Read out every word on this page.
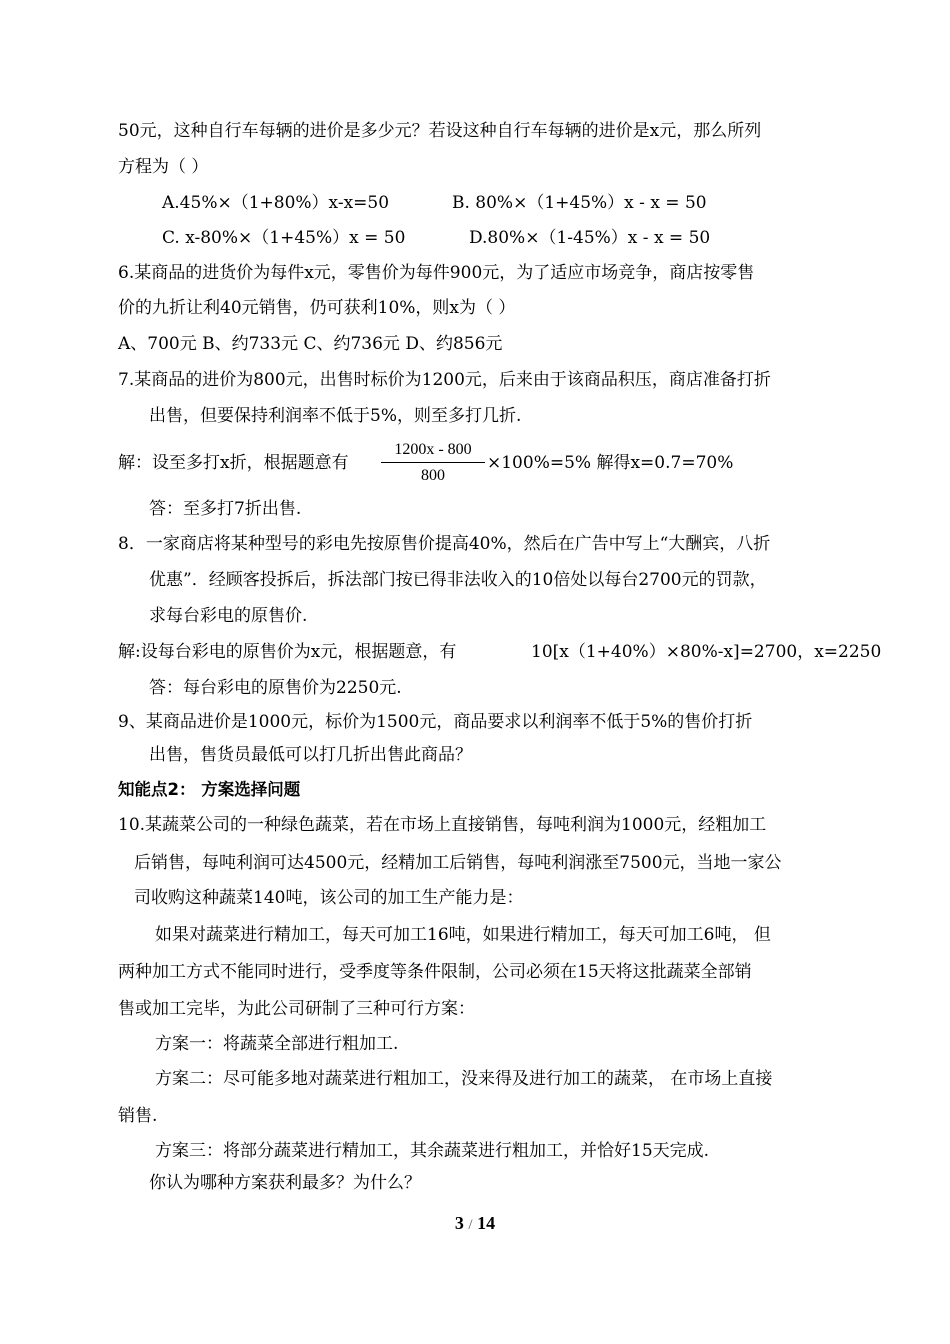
50元，这种自行车每辆的进价是多少元？若设这种自行车每辆的进价是x元，那么所列
方程为（ ）
A.45%×（1+80%）x-x=50	B. 80%×（1+45%）x - x = 50
C. x-80%×（1+45%）x = 50	D.80%×（1-45%）x - x = 50
6.某商品的进货价为每件x元，零售价为每件900元，为了适应市场竞争，商店按零售
价的九折让利40元销售，仍可获利10%，则x为（ ）
A、700元 B、约733元 C、约736元 D、约856元
7.某商品的进价为800元，出售时标价为1200元，后来由于该商品积压，商店准备打折
出售，但要保持利润率不低于5%，则至多打几折.
解：设至多打x折，根据题意有
1200x - 800
800
×100%=5% 解得x=0.7=70%
答：至多打7折出售.
8．一家商店将某种型号的彩电先按原售价提高40%，然后在广告中写上“大酬宾，八折
优惠”．经顾客投拆后，拆法部门按已得非法收入的10倍处以每台2700元的罚款，
求每台彩电的原售价.
解:设每台彩电的原售价为x元，根据题意，有	10[x（1+40%）×80%-x]=2700，x=2250
答：每台彩电的原售价为2250元.
9、某商品进价是1000元，标价为1500元，商品要求以利润率不低于5%的售价打折
出售，售货员最低可以打几折出售此商品？
知能点2： 方案选择问题
10.某蔬菜公司的一种绿色蔬菜，若在市场上直接销售，每吨利润为1000元，经粗加工
后销售，每吨利润可达4500元，经精加工后销售，每吨利润涨至7500元，当地一家公
司收购这种蔬菜140吨，该公司的加工生产能力是：
如果对蔬菜进行精加工，每天可加工16吨，如果进行精加工，每天可加工6吨， 但
两种加工方式不能同时进行，受季度等条件限制，公司必须在15天将这批蔬菜全部销
售或加工完毕，为此公司研制了三种可行方案：
方案一：将蔬菜全部进行粗加工.
方案二：尽可能多地对蔬菜进行粗加工，没来得及进行加工的蔬菜， 在市场上直接
销售.
方案三：将部分蔬菜进行精加工，其余蔬菜进行粗加工，并恰好15天完成.
你认为哪种方案获利最多？为什么？
3 / 14
